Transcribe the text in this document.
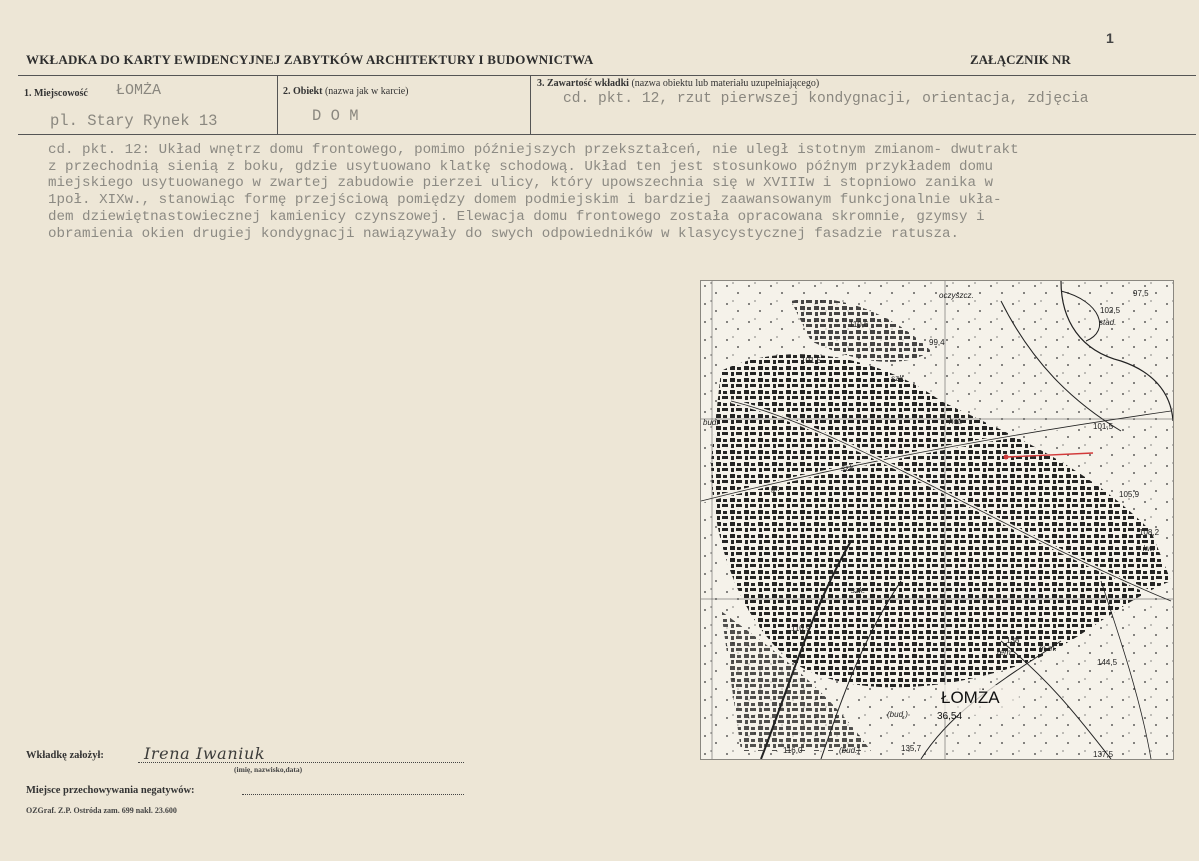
1
WKŁADKA DO KARTY EWIDENCYJNEJ ZABYTKÓW ARCHITEKTURY I BUDOWNICTWA	ZAŁĄCZNIK NR
1. Miejscowość ŁOMŻA
pl. Stary Rynek 13
2. Obiekt (nazwa jak w karcie)
D O M
3. Zawartość wkładki (nazwa obiektu lub materiału uzupełniającego)
cd. pkt. 12, rzut pierwszej kondygnacji, orientacja, zdjęcia
cd. pkt. 12: Układ wnętrz domu frontowego, pomimo późniejszych przekształceń, nie uległ istotnym zmianom- dwutrakt
z przechodnią sienią z boku, gdzie usytuowano klatkę schodową. Układ ten jest stosunkowo późnym przykładem domu
miejskiego usytuowanego w zwartej zabudowie pierzei ulicy, który upowszechnia się w XVIIIw i stopniowo zanika w
1poł. XIXw., stanowiąc formę przejściową pomiędzy domem podmiejskim i bardziej zaawansowanym funkcjonalnie ukła-
dem dziewiętnastowiecznej kamienicy czynszowej. Elewacja domu frontowego została opracowana skromnie, gzymsy i
obramienia okien drugiej kondygnacji nawiązywały do swych odpowiedników w klasycystycznej fasadzie ratusza.
97,5
102,5
stad.
oczyszcz.
110,6
99,4
101,5
101,5
bud.	hot.
105,9
108,2
kw.
110,9
138
rem.
144,5
(bud.)
116,0	(bud.)	135,7
137,5
szk.
szk.
szk.
m.m.
gr.
ŁOMŻA
36,54
Wkładkę założył:	Irena Iwaniuk
(imię, nazwisko,data)
Miejsce przechowywania negatywów:
OZGraf. Z.P. Ostróda zam. 699 nakł. 23.600
